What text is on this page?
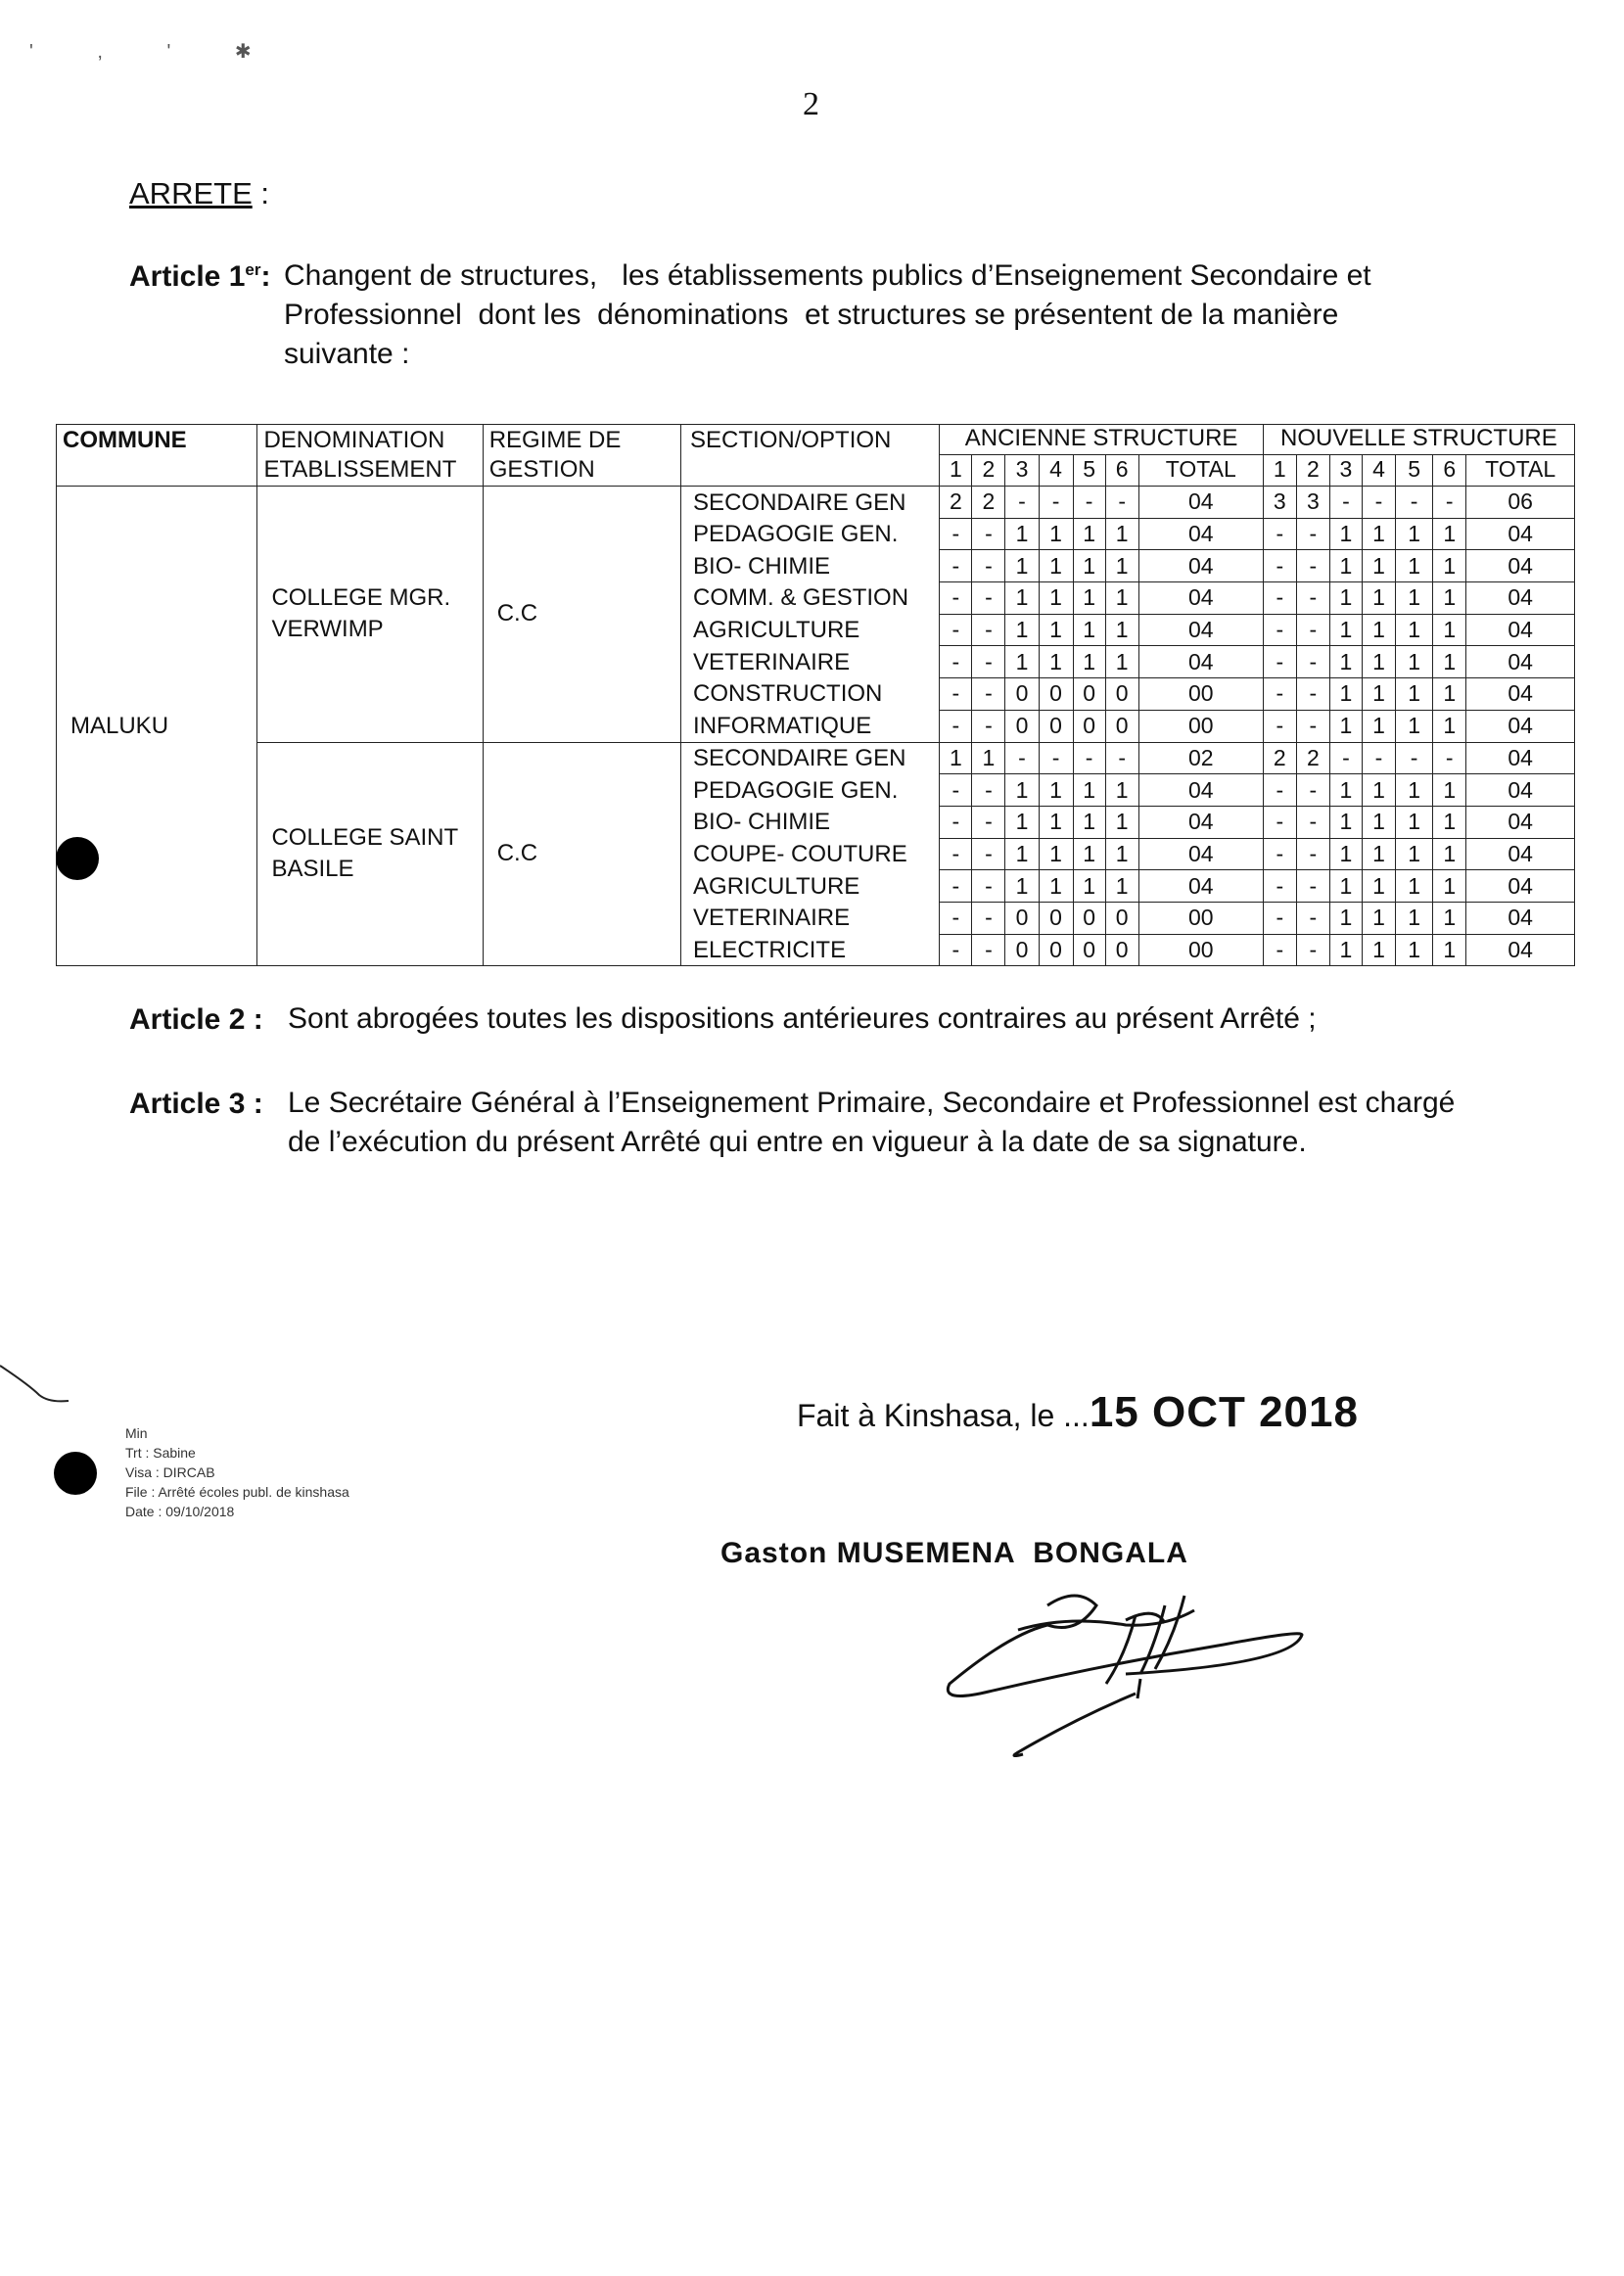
' , ' ✱
2
ARRETE :
Article 1er: Changent de structures,   les établissements publics d’Enseignement Secondaire et
Professionnel  dont les  dénominations  et structures se présentent de la manière
suivante :
COMMUNE	DENOMINATION ETABLISSEMENT	REGIME DE GESTION	SECTION/OPTION	ANCIENNE STRUCTURE							NOUVELLE STRUCTURE						
				1	2	3	4	5	6	TOTAL	1	2	3	4	5	6	TOTAL
MALUKU	COLLEGE MGR. VERWIMP	C.C	SECONDAIRE GEN	2	2	-	-	-	-	04	3	3	-	-	-	-	06
			PEDAGOGIE GEN.	-	-	1	1	1	1	04	-	-	1	1	1	1	04
			BIO- CHIMIE	-	-	1	1	1	1	04	-	-	1	1	1	1	04
			COMM. & GESTION	-	-	1	1	1	1	04	-	-	1	1	1	1	04
			AGRICULTURE	-	-	1	1	1	1	04	-	-	1	1	1	1	04
			VETERINAIRE	-	-	1	1	1	1	04	-	-	1	1	1	1	04
			CONSTRUCTION	-	-	0	0	0	0	00	-	-	1	1	1	1	04
			INFORMATIQUE	-	-	0	0	0	0	00	-	-	1	1	1	1	04
	COLLEGE SAINT BASILE	C.C	SECONDAIRE GEN	1	1	-	-	-	-	02	2	2	-	-	-	-	04
			PEDAGOGIE GEN.	-	-	1	1	1	1	04	-	-	1	1	1	1	04
			BIO- CHIMIE	-	-	1	1	1	1	04	-	-	1	1	1	1	04
			COUPE- COUTURE	-	-	1	1	1	1	04	-	-	1	1	1	1	04
			AGRICULTURE	-	-	1	1	1	1	04	-	-	1	1	1	1	04
			VETERINAIRE	-	-	0	0	0	0	00	-	-	1	1	1	1	04
			ELECTRICITE	-	-	0	0	0	0	00	-	-	1	1	1	1	04
Article 2 : Sont abrogées toutes les dispositions antérieures contraires au présent Arrêté ;
Article 3 : Le Secrétaire Général à l’Enseignement Primaire, Secondaire et Professionnel est chargé
de l’exécution du présent Arrêté qui entre en vigueur à la date de sa signature.
Fait à Kinshasa, le ...15 OCT 2018
Min
Trt : Sabine
Visa : DIRCAB
File : Arrêté écoles publ. de kinshasa
Date : 09/10/2018
Gaston MUSEMENA  BONGALA
